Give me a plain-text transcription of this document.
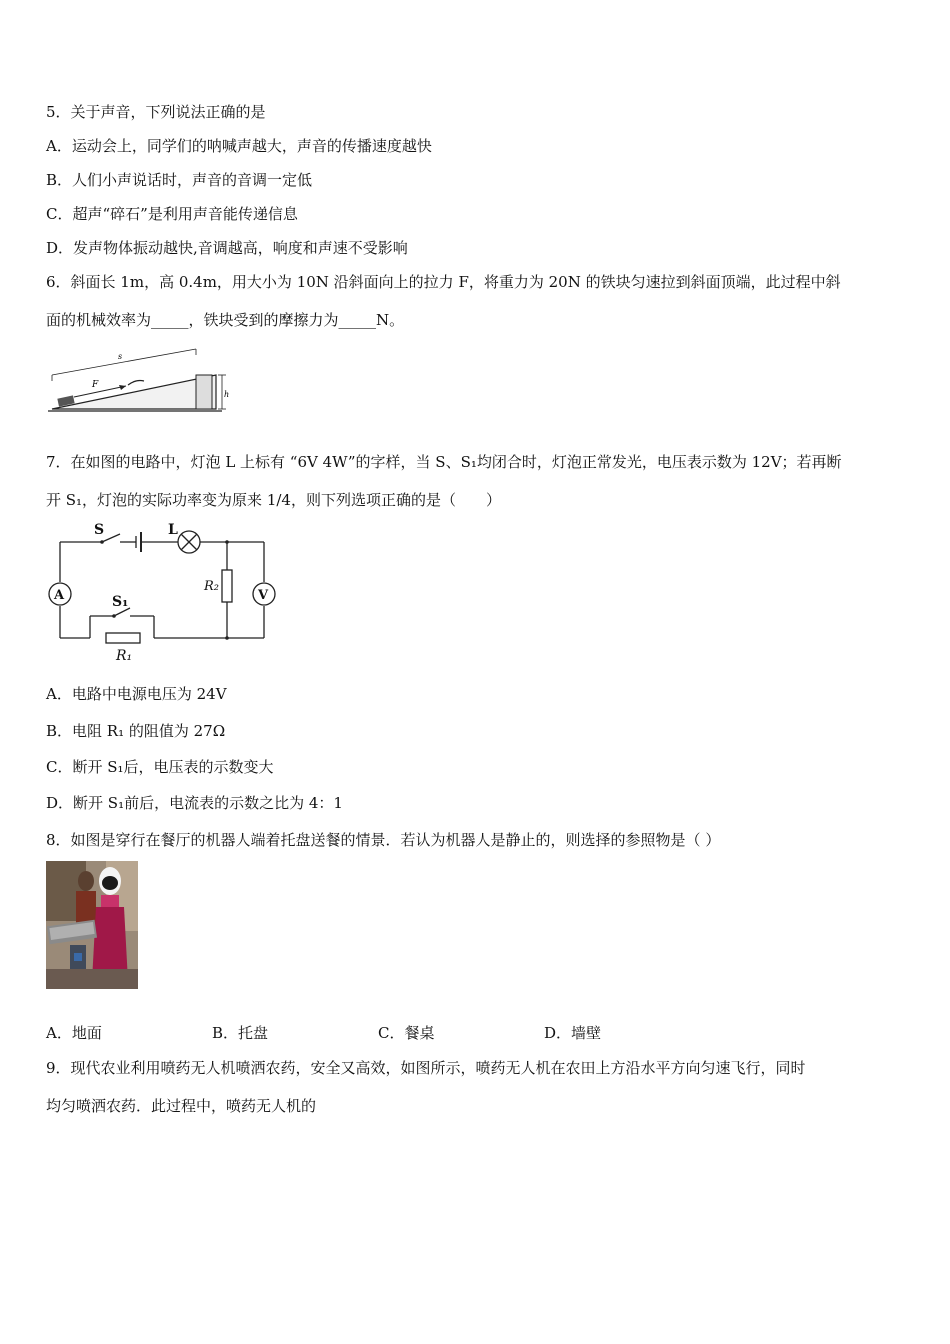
5．关于声音，下列说法正确的是
A．运动会上，同学们的呐喊声越大，声音的传播速度越快
B．人们小声说话时，声音的音调一定低
C．超声“碎石”是利用声音能传递信息
D．发声物体振动越快,音调越高，响度和声速不受影响
6．斜面长 1m，高 0.4m，用大小为 10N 沿斜面向上的拉力 F，将重力为 20N 的铁块匀速拉到斜面顶端，此过程中斜
面的机械效率为_____，铁块受到的摩擦力为_____N。
s
F
h
7．在如图的电路中，灯泡 L 上标有 “6V 4W”的字样，当 S、S₁均闭合时，灯泡正常发光，电压表示数为 12V；若再断
开 S₁，灯泡的实际功率变为原来 1/4，则下列选项正确的是（　　）
S	L
A	V
S₁
R₁
R₂
A．电路中电源电压为 24V
B．电阻 R₁ 的阻值为 27Ω
C．断开 S₁后，电压表的示数变大
D．断开 S₁前后，电流表的示数之比为 4：1
8．如图是穿行在餐厅的机器人端着托盘送餐的情景．若认为机器人是静止的，则选择的参照物是（ ）
A．地面	B．托盘	C．餐桌	D．墙壁
9．现代农业利用喷药无人机喷洒农药，安全又高效，如图所示，喷药无人机在农田上方沿水平方向匀速飞行，同时
均匀喷洒农药．此过程中，喷药无人机的
